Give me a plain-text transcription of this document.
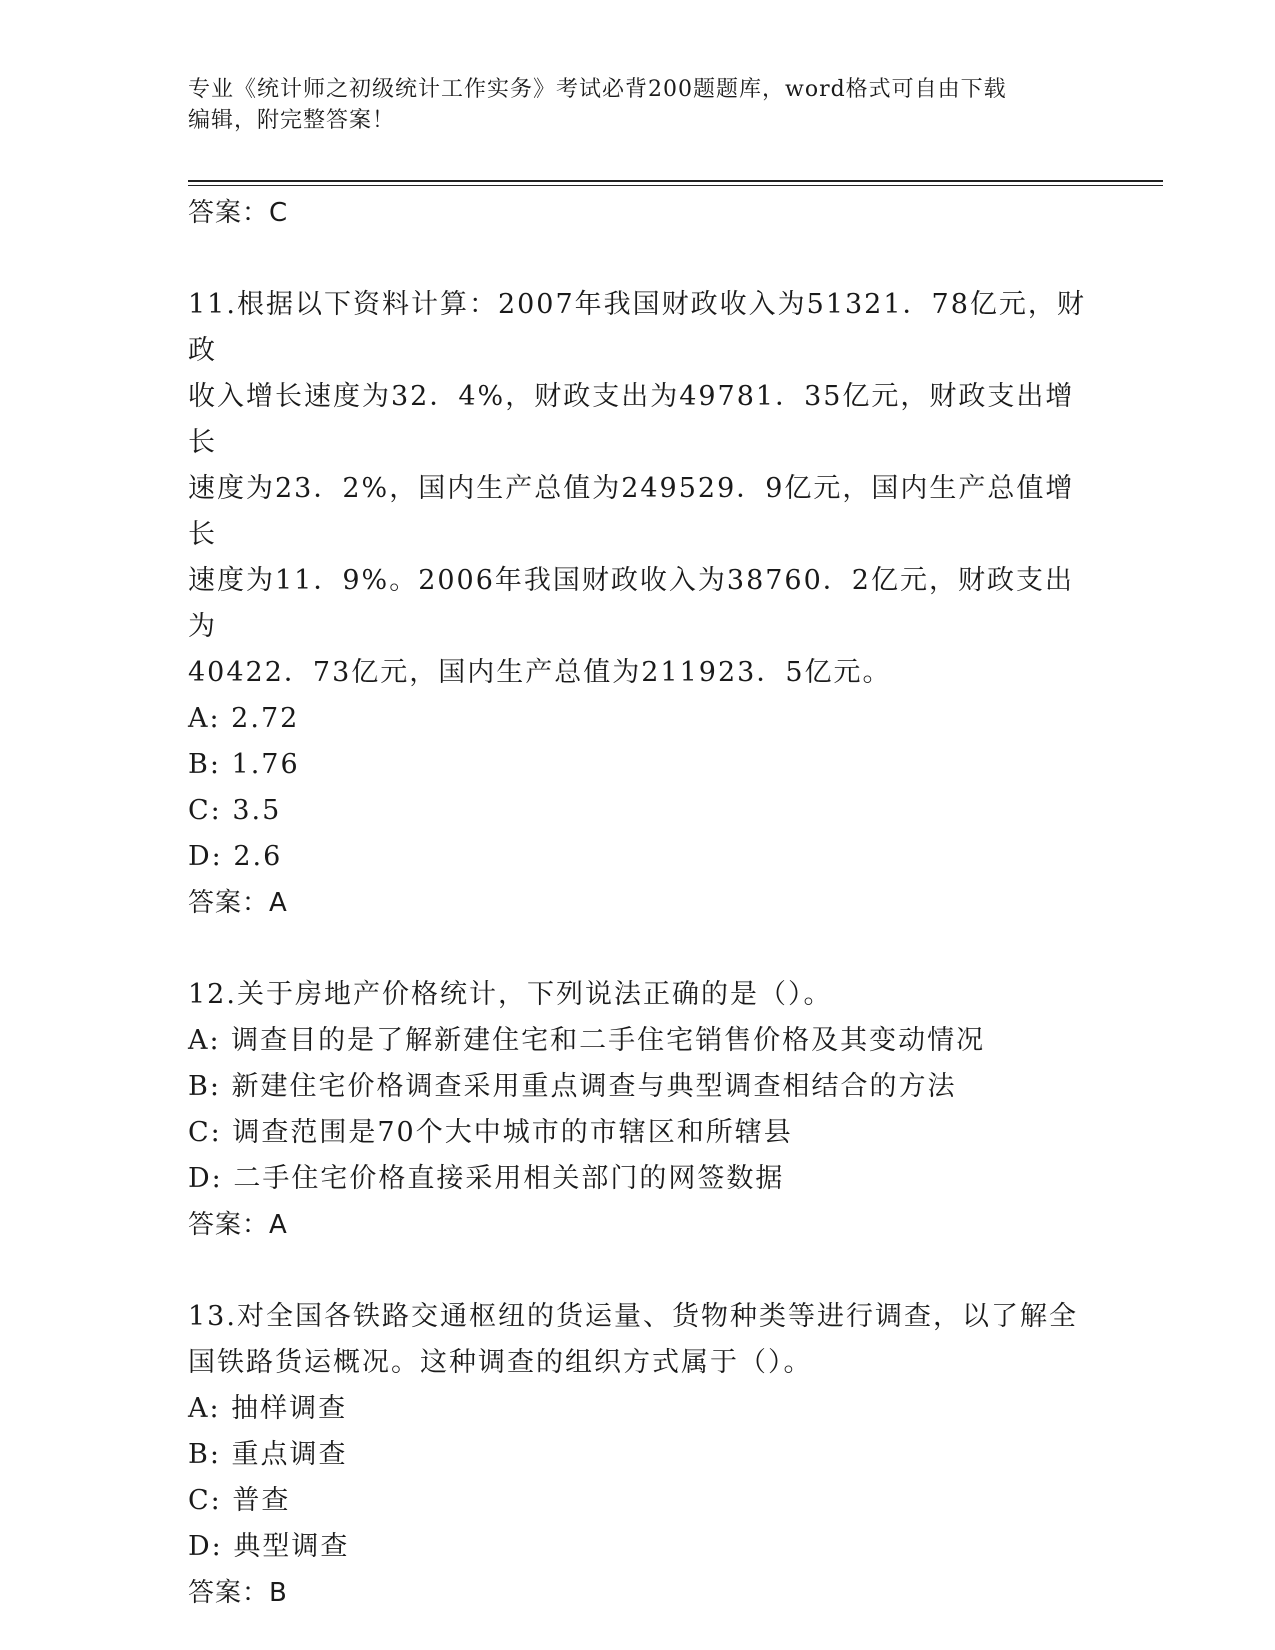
专业《统计师之初级统计工作实务》考试必背200题题库，word格式可自由下载
编辑，附完整答案！
答案：C
11.根据以下资料计算：2007年我国财政收入为51321．78亿元，财政
收入增长速度为32．4%，财政支出为49781．35亿元，财政支出增长
速度为23．2%，国内生产总值为249529．9亿元，国内生产总值增长
速度为11．9%。2006年我国财政收入为38760．2亿元，财政支出为
40422．73亿元，国内生产总值为211923．5亿元。
A: 2.72
B: 1.76
C: 3.5
D: 2.6
答案：A
12.关于房地产价格统计，下列说法正确的是（）。
A: 调查目的是了解新建住宅和二手住宅销售价格及其变动情况
B: 新建住宅价格调查采用重点调查与典型调查相结合的方法
C: 调查范围是70个大中城市的市辖区和所辖县
D: 二手住宅价格直接采用相关部门的网签数据
答案：A
13.对全国各铁路交通枢纽的货运量、货物种类等进行调查，以了解全
国铁路货运概况。这种调查的组织方式属于（）。
A: 抽样调查
B: 重点调查
C: 普查
D: 典型调查
答案：B
